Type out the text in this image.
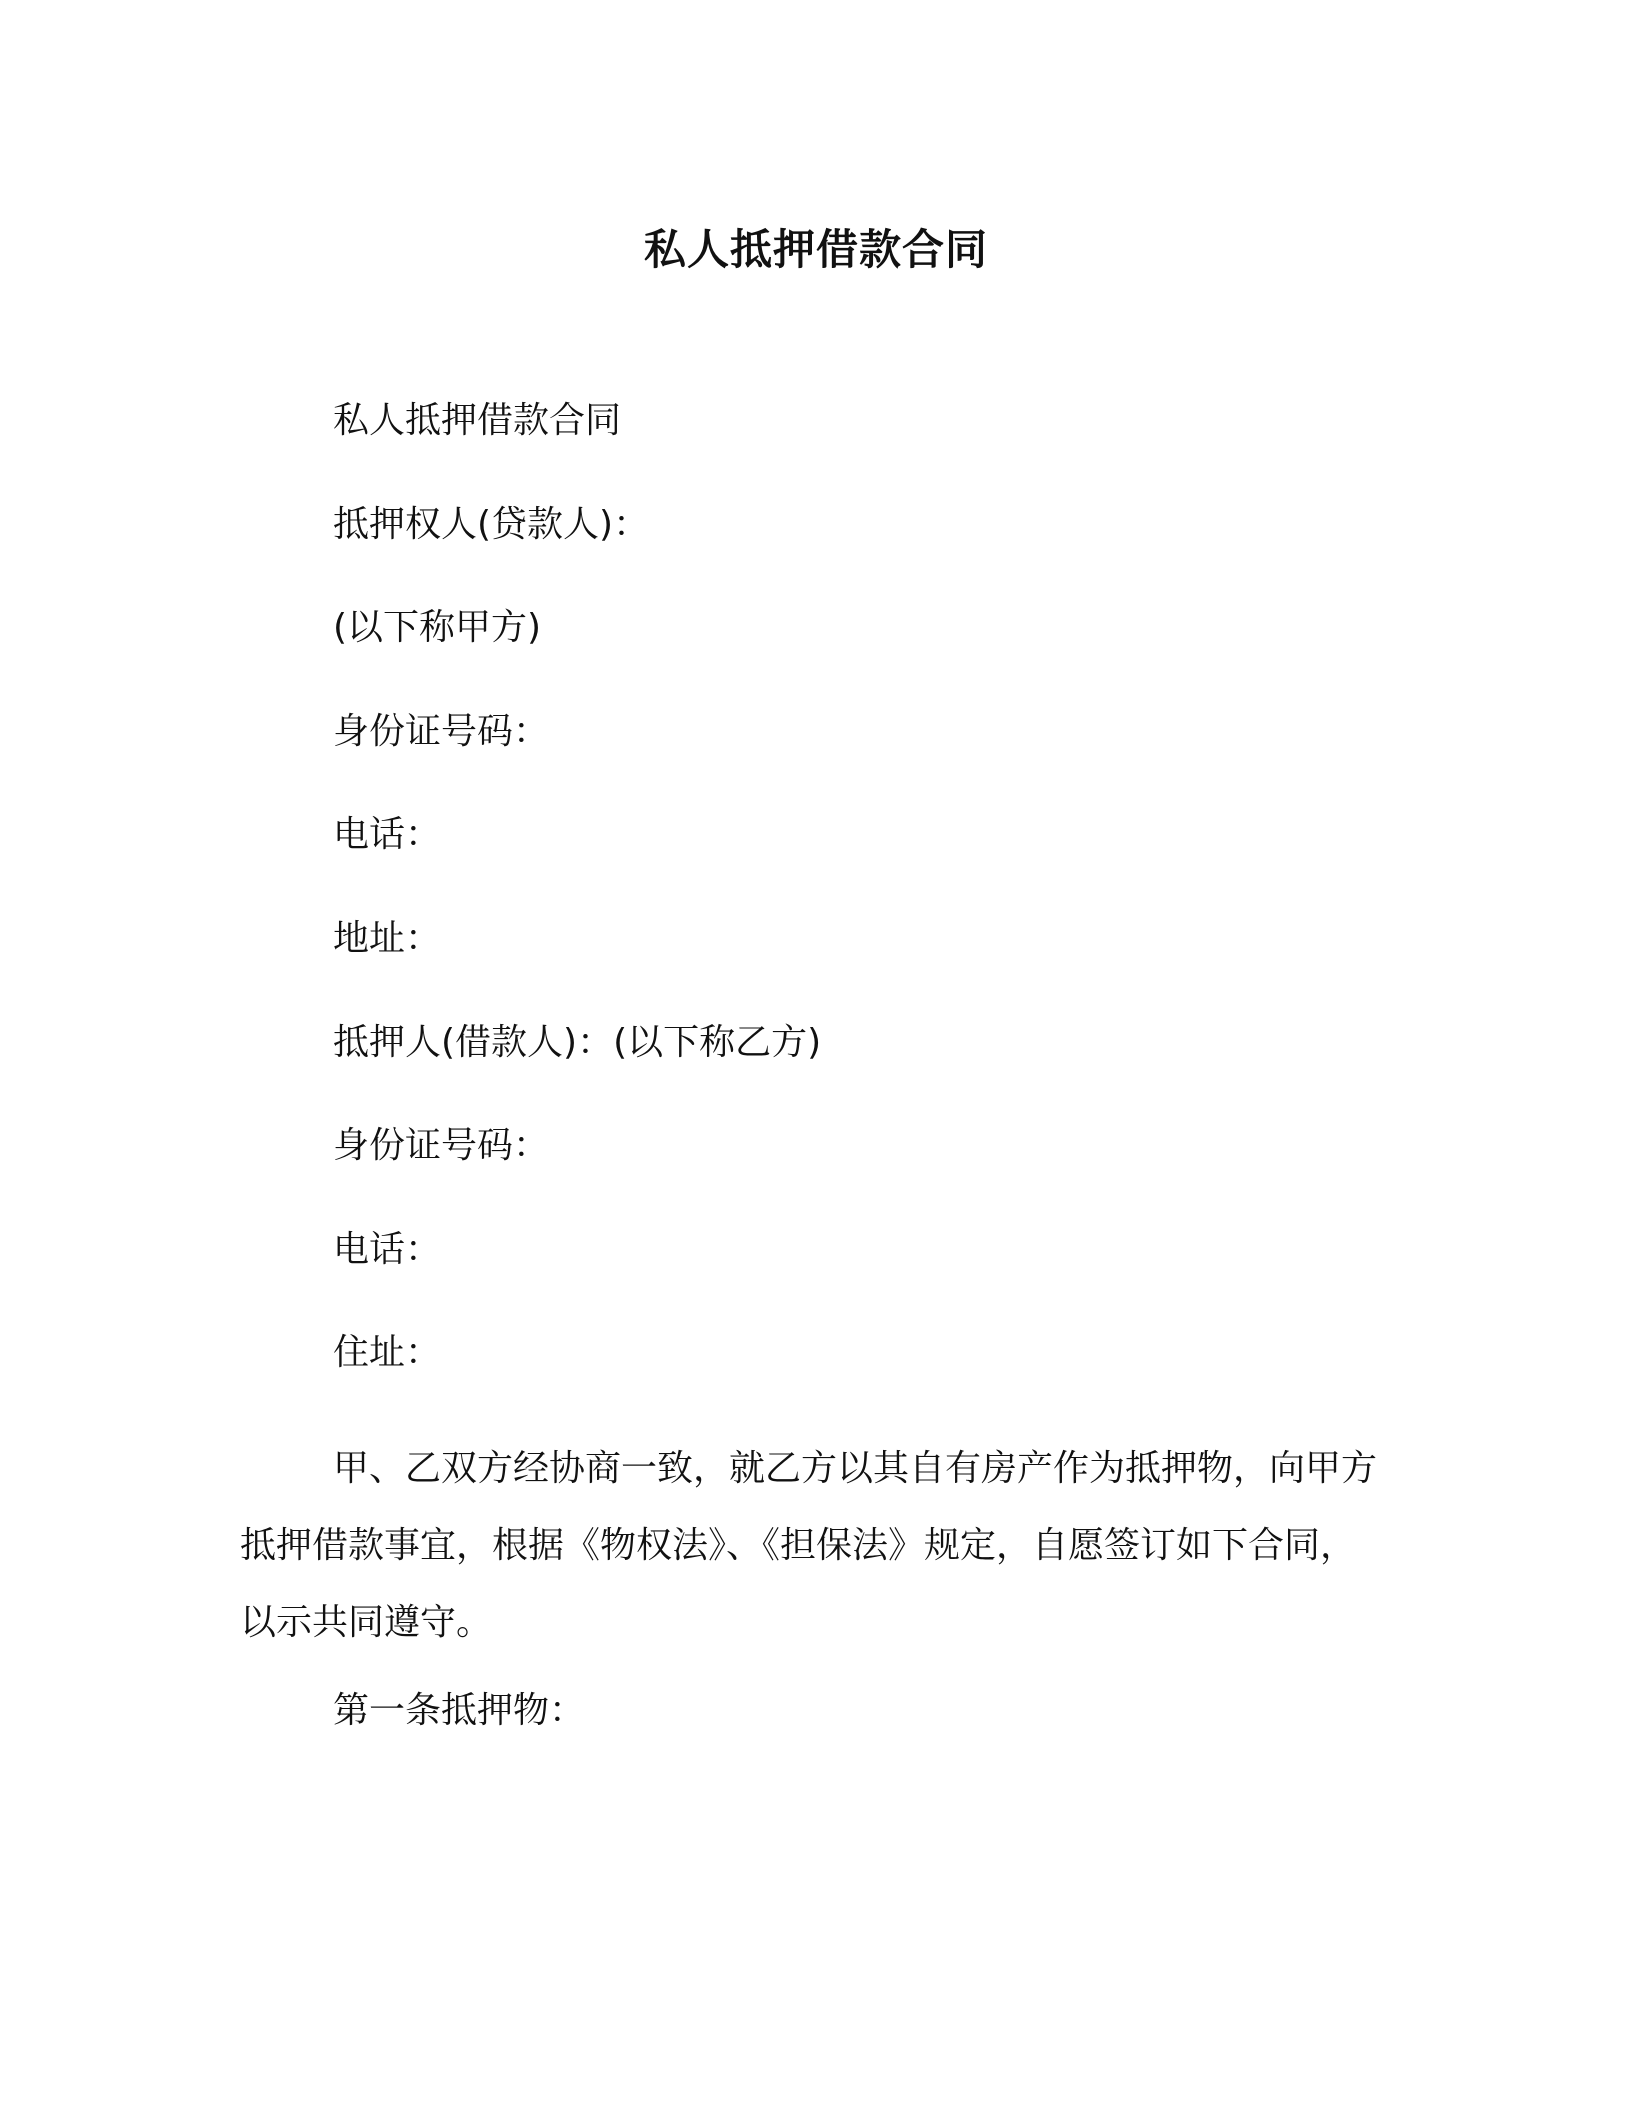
私人抵押借款合同

私人抵押借款合同

抵押权人(贷款人)：

(以下称甲方)

身份证号码：

电话：

地址：

抵押人(借款人)：(以下称乙方)

身份证号码：

电话：

住址：

甲、乙双方经协商一致，就乙方以其自有房产作为抵押物，向甲方抵押借款事宜，根据《物权法》、《担保法》规定，自愿签订如下合同，以示共同遵守。

第一条抵押物：
